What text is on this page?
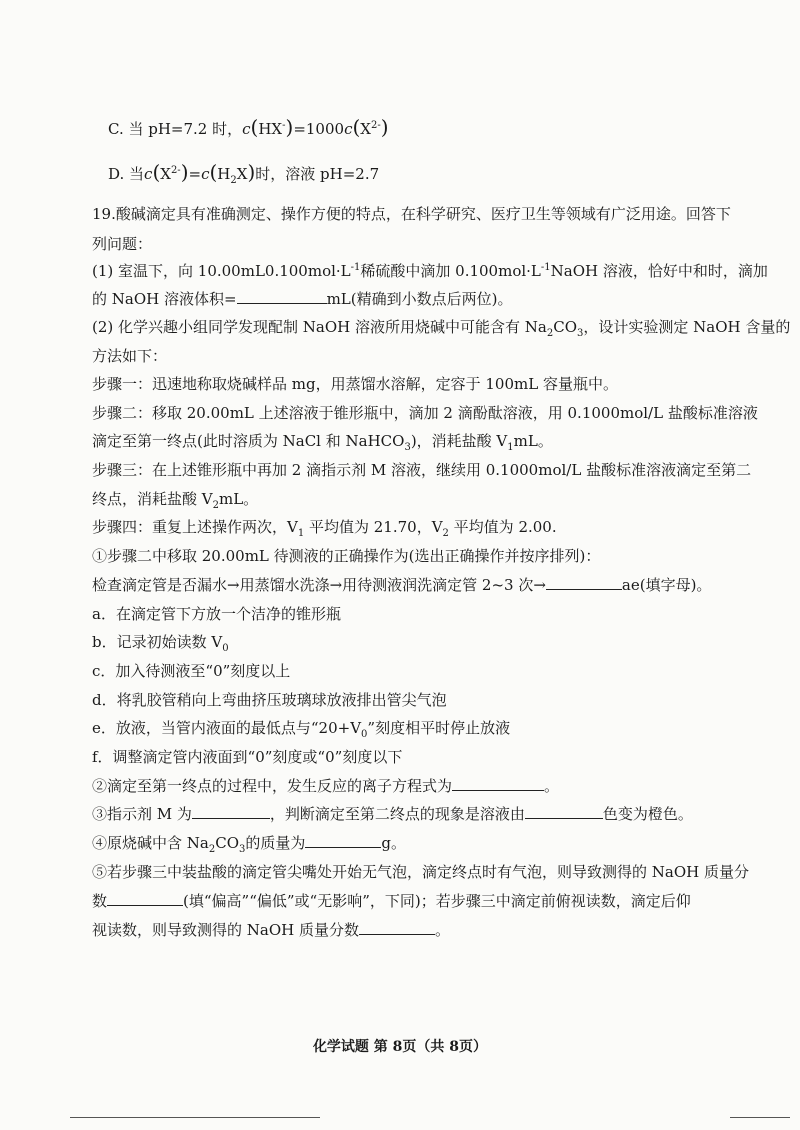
C. 当 pH=7.2 时，$c(HX^-)=1000c(X^{2-})$
D. 当$c(X^{2-})=c(H_2X)$时，溶液 pH=2.7
19.酸碱滴定具有准确测定、操作方便的特点，在科学研究、医疗卫生等领域有广泛用途。回答下
列问题：
(1) 室温下，向 $10.00mL0.100mol\cdot L^{-1}$稀硫酸中滴加 $0.100mol\cdot L^{-1}NaOH$ 溶液，恰好中和时，滴加
的 NaOH 溶液体积=	mL(精确到小数点后两位)。
(2) 化学兴趣小组同学发现配制 NaOH 溶液所用烧碱中可能含有 $Na_2CO_3$，设计实验测定 NaOH 含量的
方法如下：
步骤一：迅速地称取烧碱样品 mg，用蒸馏水溶解，定容于 100mL 容量瓶中。
步骤二：移取 20.00mL 上述溶液于锥形瓶中，滴加 2 滴酚酞溶液，用 0.1000mol/L 盐酸标准溶液
滴定至第一终点(此时溶质为 NaCl 和 NaHCO$_3$)，消耗盐酸 $V_1mL$。
步骤三：在上述锥形瓶中再加 2 滴指示剂 M 溶液，继续用 0.1000mol/L 盐酸标准溶液滴定至第二
终点，消耗盐酸 $V_2mL$。
步骤四：重复上述操作两次，$V_1$ 平均值为 21.70，$V_2$ 平均值为 2.00.
①步骤二中移取 20.00mL 待测液的正确操作为(选出正确操作并按序排列)：
检查滴定管是否漏水→用蒸馏水洗涤→用待测液润洗滴定管 2~3 次→	ae(填字母)。
a．在滴定管下方放一个洁净的锥形瓶
b．记录初始读数 $V_0$
c．加入待测液至“0”刻度以上
d．将乳胶管稍向上弯曲挤压玻璃球放液排出管尖气泡
e．放液，当管内液面的最低点与“$20+V_0$”刻度相平时停止放液
f．调整滴定管内液面到“0”刻度或“0”刻度以下
②滴定至第一终点的过程中，发生反应的离子方程式为	。
③指示剂 M 为	，判断滴定至第二终点的现象是溶液由	色变为橙色。
④原烧碱中含 $Na_2CO_3$的质量为	g。
⑤若步骤三中装盐酸的滴定管尖嘴处开始无气泡，滴定终点时有气泡，则导致测得的 NaOH 质量分
数	(填“偏高”“偏低”或“无影响”，下同)；若步骤三中滴定前俯视读数，滴定后仰
视读数，则导致测得的 NaOH 质量分数	。
化学试题 第 8页（共 8页）
